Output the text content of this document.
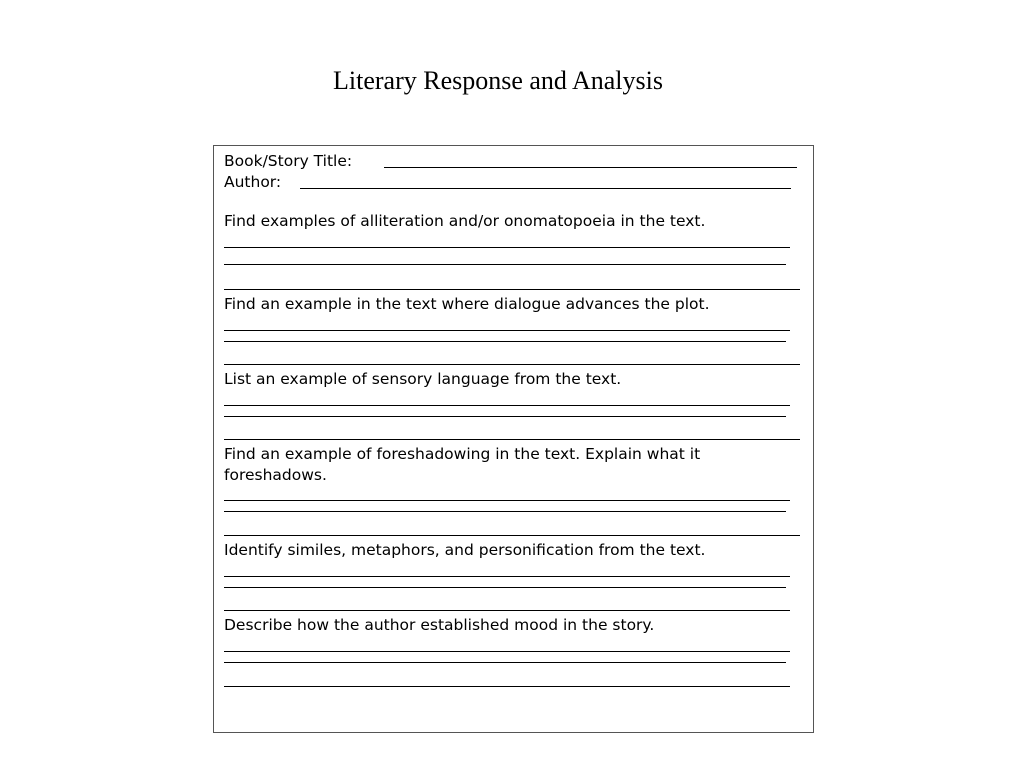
Literary Response and Analysis
Book/Story Title:
Author:
Find examples of alliteration and/or onomatopoeia in the text.
Find an example in the text where dialogue advances the plot.
List an example of sensory language from the text.
Find an example of foreshadowing in the text. Explain what it foreshadows.
Identify similes, metaphors, and personification from the text.
Describe how the author established mood in the story.
